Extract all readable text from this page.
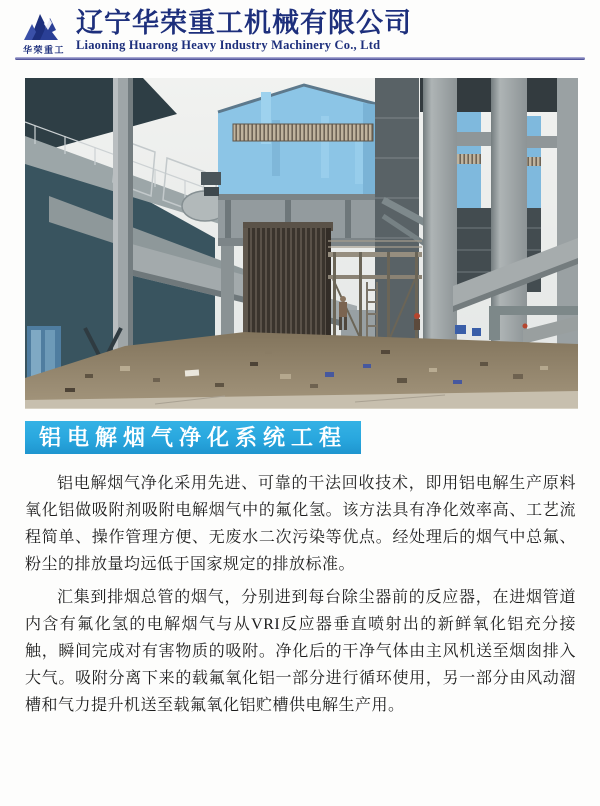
华荣重工
辽宁华荣重工机械有限公司
Liaoning Huarong Heavy Industry Machinery Co., Ltd
铝电解烟气净化系统工程

铝电解烟气净化采用先进、可靠的干法回收技术，即用铝电解生产原料氧化铝做吸附剂吸附电解烟气中的氟化氢。该方法具有净化效率高、工艺流程简单、操作管理方便、无废水二次污染等优点。经处理后的烟气中总氟、粉尘的排放量均远低于国家规定的排放标准。

汇集到排烟总管的烟气，分别进到每台除尘器前的反应器，在进烟管道内含有氟化氢的电解烟气与从VRI反应器垂直喷射出的新鲜氧化铝充分接触，瞬间完成对有害物质的吸附。净化后的干净气体由主风机送至烟囱排入大气。吸附分离下来的载氟氧化铝一部分进行循环使用，另一部分由风动溜槽和气力提升机送至载氟氧化铝贮槽供电解生产用。
